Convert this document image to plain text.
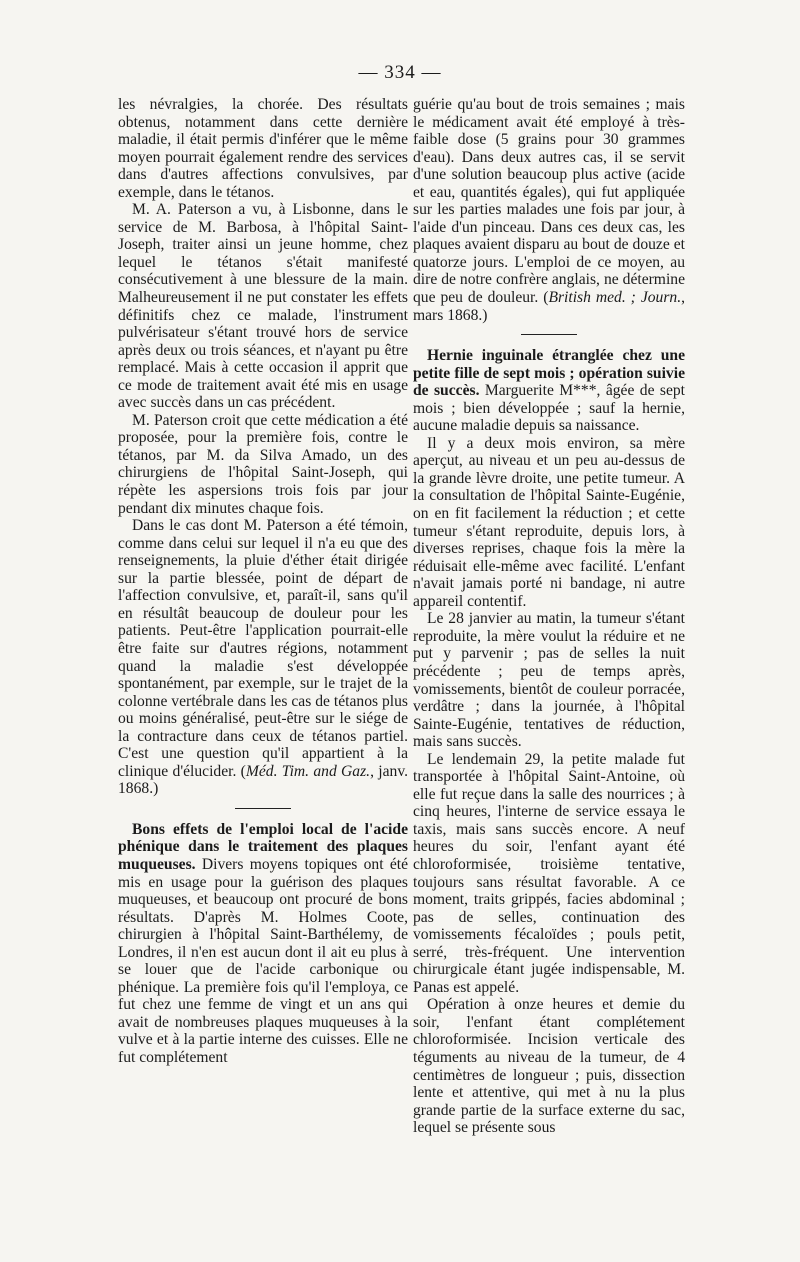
— 334 —

les névralgies, la chorée. Des résultats obtenus, notamment dans cette dernière maladie, il était permis d'inférer que le même moyen pourrait également rendre des services dans d'autres affections convulsives, par exemple, dans le tétanos.

M. A. Paterson a vu, à Lisbonne, dans le service de M. Barbosa, à l'hôpital Saint-Joseph, traiter ainsi un jeune homme, chez lequel le tétanos s'était manifesté consécutivement à une blessure de la main. Malheureusement il ne put constater les effets définitifs chez ce malade, l'instrument pulvérisateur s'étant trouvé hors de service après deux ou trois séances, et n'ayant pu être remplacé. Mais à cette occasion il apprit que ce mode de traitement avait été mis en usage avec succès dans un cas précédent.

M. Paterson croit que cette médication a été proposée, pour la première fois, contre le tétanos, par M. da Silva Amado, un des chirurgiens de l'hôpital Saint-Joseph, qui répète les aspersions trois fois par jour pendant dix minutes chaque fois.

Dans le cas dont M. Paterson a été témoin, comme dans celui sur lequel il n'a eu que des renseignements, la pluie d'éther était dirigée sur la partie blessée, point de départ de l'affection convulsive, et, paraît-il, sans qu'il en résultât beaucoup de douleur pour les patients. Peut-être l'application pourrait-elle être faite sur d'autres régions, notamment quand la maladie s'est développée spontanément, par exemple, sur le trajet de la colonne vertébrale dans les cas de tétanos plus ou moins généralisé, peut-être sur le siége de la contracture dans ceux de tétanos partiel. C'est une question qu'il appartient à la clinique d'élucider. (Méd. Tim. and Gaz., janv. 1868.)

Bons effets de l'emploi local de l'acide phénique dans le traitement des plaques muqueuses. Divers moyens topiques ont été mis en usage pour la guérison des plaques muqueuses, et beaucoup ont procuré de bons résultats. D'après M. Holmes Coote, chirurgien à l'hôpital Saint-Barthélemy, de Londres, il n'en est aucun dont il ait eu plus à se louer que de l'acide carbonique ou phénique. La première fois qu'il l'employa, ce fut chez une femme de vingt et un ans qui avait de nombreuses plaques muqueuses à la vulve et à la partie interne des cuisses. Elle ne fut complétement

guérie qu'au bout de trois semaines ; mais le médicament avait été employé à très-faible dose (5 grains pour 30 grammes d'eau). Dans deux autres cas, il se servit d'une solution beaucoup plus active (acide et eau, quantités égales), qui fut appliquée sur les parties malades une fois par jour, à l'aide d'un pinceau. Dans ces deux cas, les plaques avaient disparu au bout de douze et quatorze jours. L'emploi de ce moyen, au dire de notre confrère anglais, ne détermine que peu de douleur. (British med. ; Journ., mars 1868.)

Hernie inguinale étranglée chez une petite fille de sept mois ; opération suivie de succès. Marguerite M***, âgée de sept mois ; bien développée ; sauf la hernie, aucune maladie depuis sa naissance.

Il y a deux mois environ, sa mère aperçut, au niveau et un peu au-dessus de la grande lèvre droite, une petite tumeur. A la consultation de l'hôpital Sainte-Eugénie, on en fit facilement la réduction ; et cette tumeur s'étant reproduite, depuis lors, à diverses reprises, chaque fois la mère la réduisait elle-même avec facilité. L'enfant n'avait jamais porté ni bandage, ni autre appareil contentif.

Le 28 janvier au matin, la tumeur s'étant reproduite, la mère voulut la réduire et ne put y parvenir ; pas de selles la nuit précédente ; peu de temps après, vomissements, bientôt de couleur porracée, verdâtre ; dans la journée, à l'hôpital Sainte-Eugénie, tentatives de réduction, mais sans succès.

Le lendemain 29, la petite malade fut transportée à l'hôpital Saint-Antoine, où elle fut reçue dans la salle des nourrices ; à cinq heures, l'interne de service essaya le taxis, mais sans succès encore. A neuf heures du soir, l'enfant ayant été chloroformisée, troisième tentative, toujours sans résultat favorable. A ce moment, traits grippés, facies abdominal ; pas de selles, continuation des vomissements fécaloïdes ; pouls petit, serré, très-fréquent. Une intervention chirurgicale étant jugée indispensable, M. Panas est appelé.

Opération à onze heures et demie du soir, l'enfant étant complétement chloroformisée. Incision verticale des téguments au niveau de la tumeur, de 4 centimètres de longueur ; puis, dissection lente et attentive, qui met à nu la plus grande partie de la surface externe du sac, lequel se présente sous
